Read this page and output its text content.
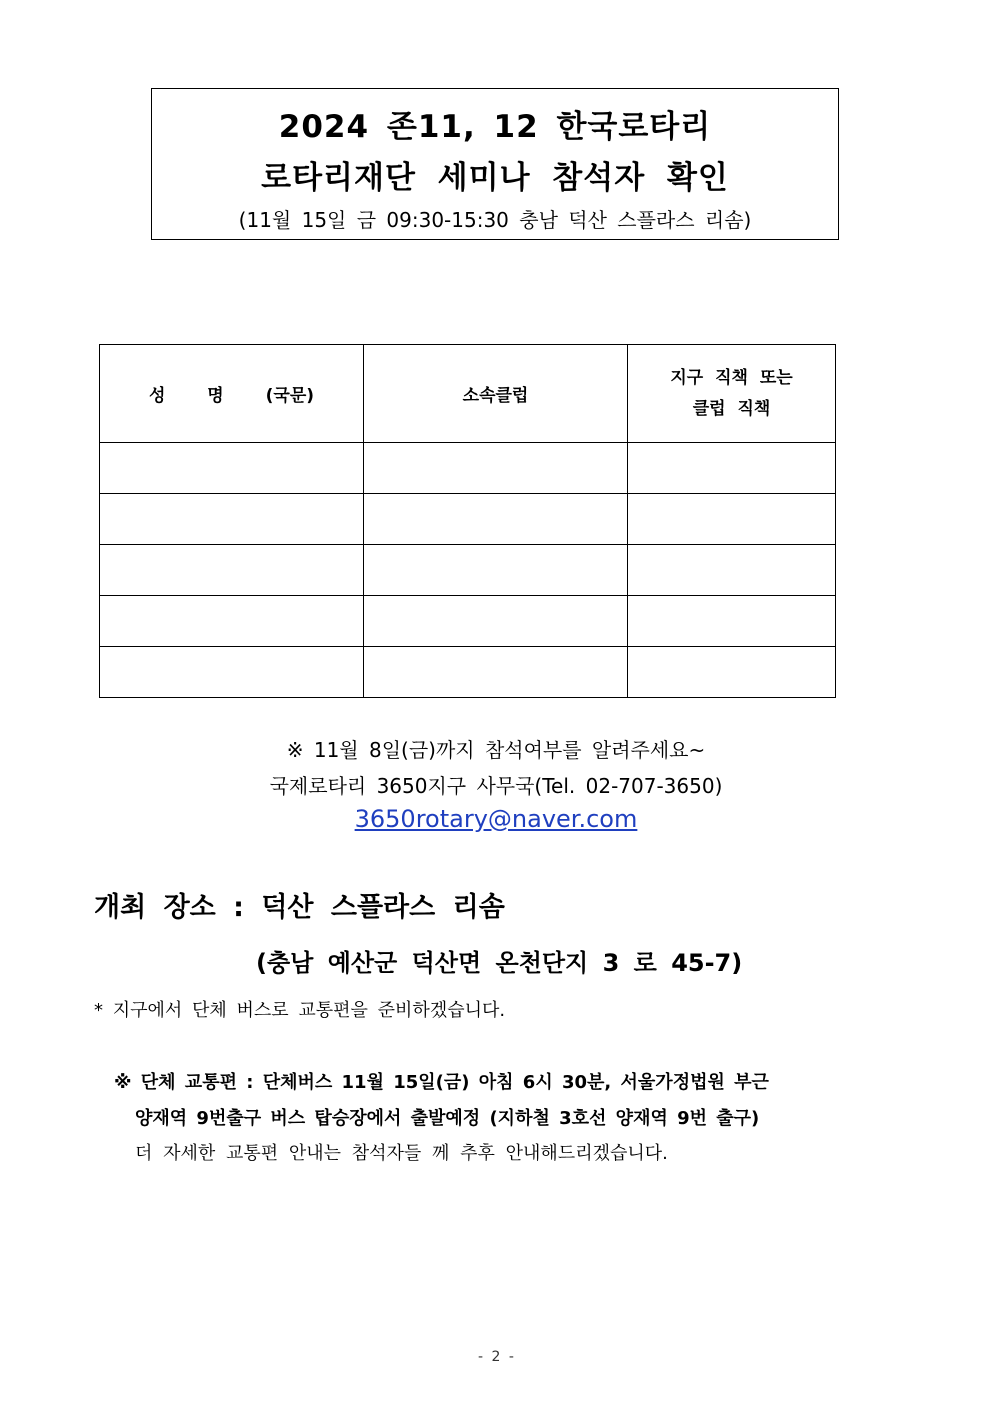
2024 존11, 12 한국로타리
로타리재단 세미나 참석자 확인
(11월 15일 금 09:30-15:30 충남 덕산 스플라스 리솜)
성 명 (국문)	소속클럽	지구 직책 또는
클럽 직책

※ 11월 8일(금)까지 참석여부를 알려주세요~
국제로타리 3650지구 사무국(Tel. 02-707-3650)
3650rotary@naver.com
개최 장소 : 덕산 스플라스 리솜
(충남 예산군 덕산면 온천단지 3 로 45-7)
* 지구에서 단체 버스로 교통편을 준비하겠습니다.
※ 단체 교통편 : 단체버스 11월 15일(금) 아침 6시 30분, 서울가정법원 부근
양재역 9번출구 버스 탑승장에서 출발예정 (지하철 3호선 양재역 9번 출구)
더 자세한 교통편 안내는 참석자들 께 추후 안내해드리겠습니다.
- 2 -
